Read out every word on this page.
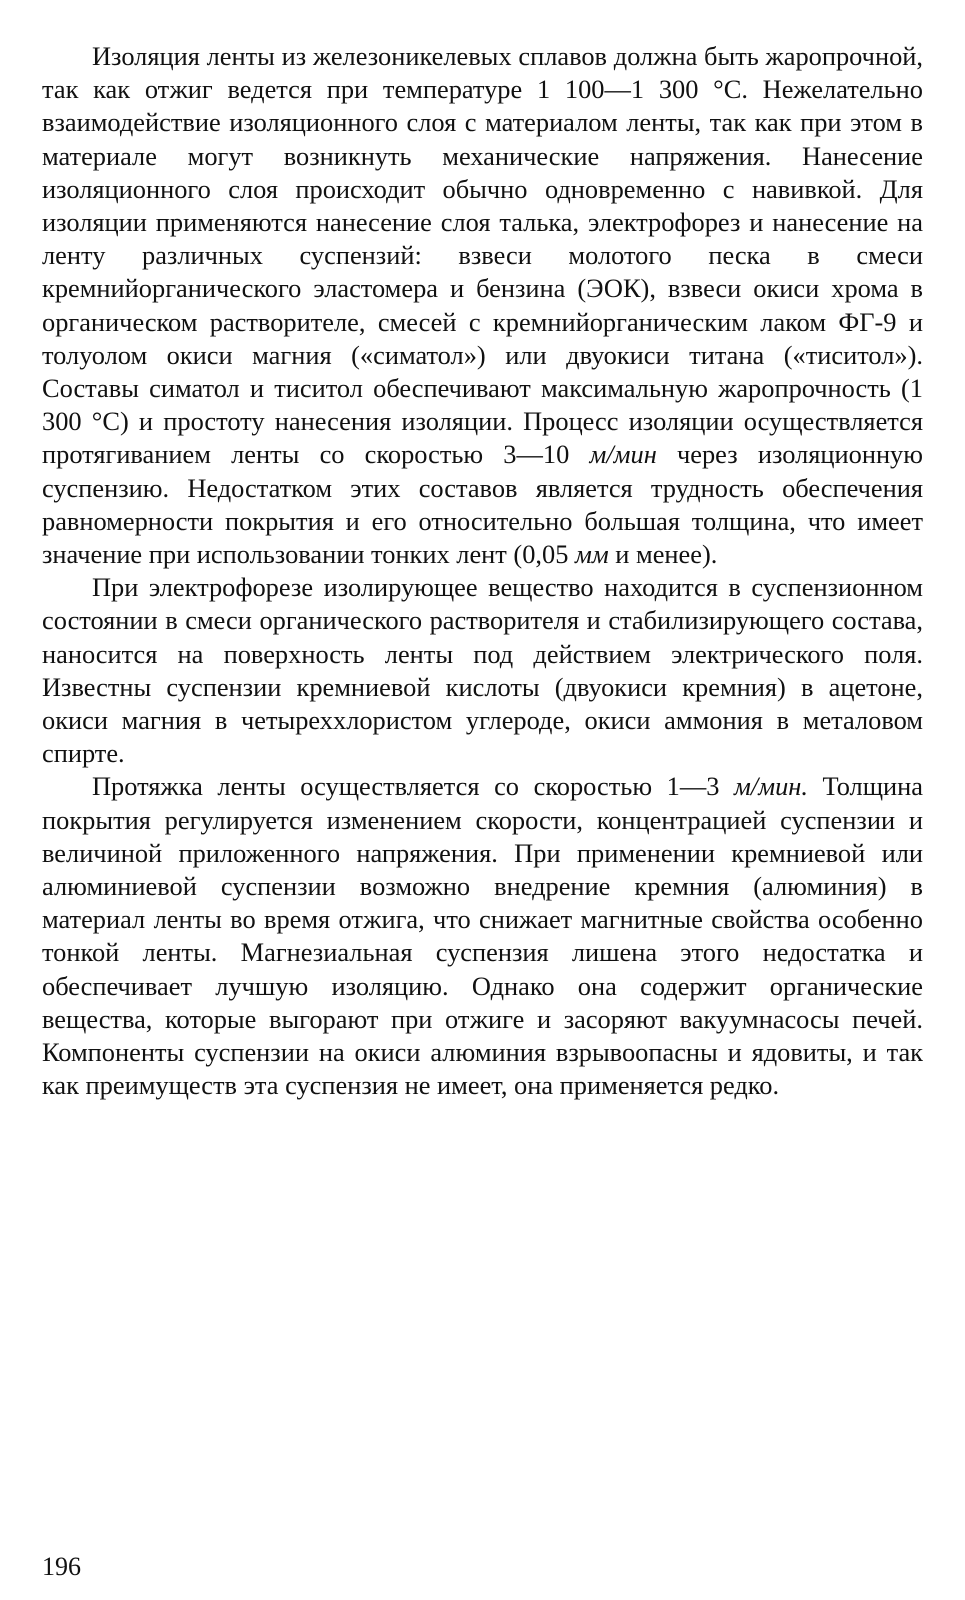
Изоляция ленты из железоникелевых сплавов должна быть жаропрочной, так как отжиг ведется при температуре 1 100—1 300 °С. Нежелательно взаимодействие изоляционного слоя с материалом ленты, так как при этом в материале могут возникнуть механические напряжения. Нанесение изоляционного слоя происходит обычно одновременно с навивкой. Для изоляции применяются нанесение слоя талька, электрофорез и нанесение на ленту различных суспензий: взвеси молотого песка в смеси кремнийорганического эластомера и бензина (ЭОК), взвеси окиси хрома в органическом растворителе, смесей с кремнийорганическим лаком ФГ-9 и толуолом окиси магния («симатол») или двуокиси титана («тиситол»). Составы симатол и тиситол обеспечивают максимальную жаропрочность (1 300 °С) и простоту нанесения изоляции. Процесс изоляции осуществляется протягиванием ленты со скоростью 3—10 м/мин через изоляционную суспензию. Недостатком этих составов является трудность обеспечения равномерности покрытия и его относительно большая толщина, что имеет значение при использовании тонких лент (0,05 мм и менее).

При электрофорезе изолирующее вещество находится в суспензионном состоянии в смеси органического растворителя и стабилизирующего состава, наносится на поверхность ленты под действием электрического поля. Известны суспензии кремниевой кислоты (двуокиси кремния) в ацетоне, окиси магния в четыреххлористом углероде, окиси аммония в металовом спирте.

Протяжка ленты осуществляется со скоростью 1—3 м/мин. Толщина покрытия регулируется изменением скорости, концентрацией суспензии и величиной приложенного напряжения. При применении кремниевой или алюминиевой суспензии возможно внедрение кремния (алюминия) в материал ленты во время отжига, что снижает магнитные свойства особенно тонкой ленты. Магнезиальная суспензия лишена этого недостатка и обеспечивает лучшую изоляцию. Однако она содержит органические вещества, которые выгорают при отжиге и засоряют вакуумнасосы печей. Компоненты суспензии на окиси алюминия взрывоопасны и ядовиты, и так как преимуществ эта суспензия не имеет, она применяется редко.

196
